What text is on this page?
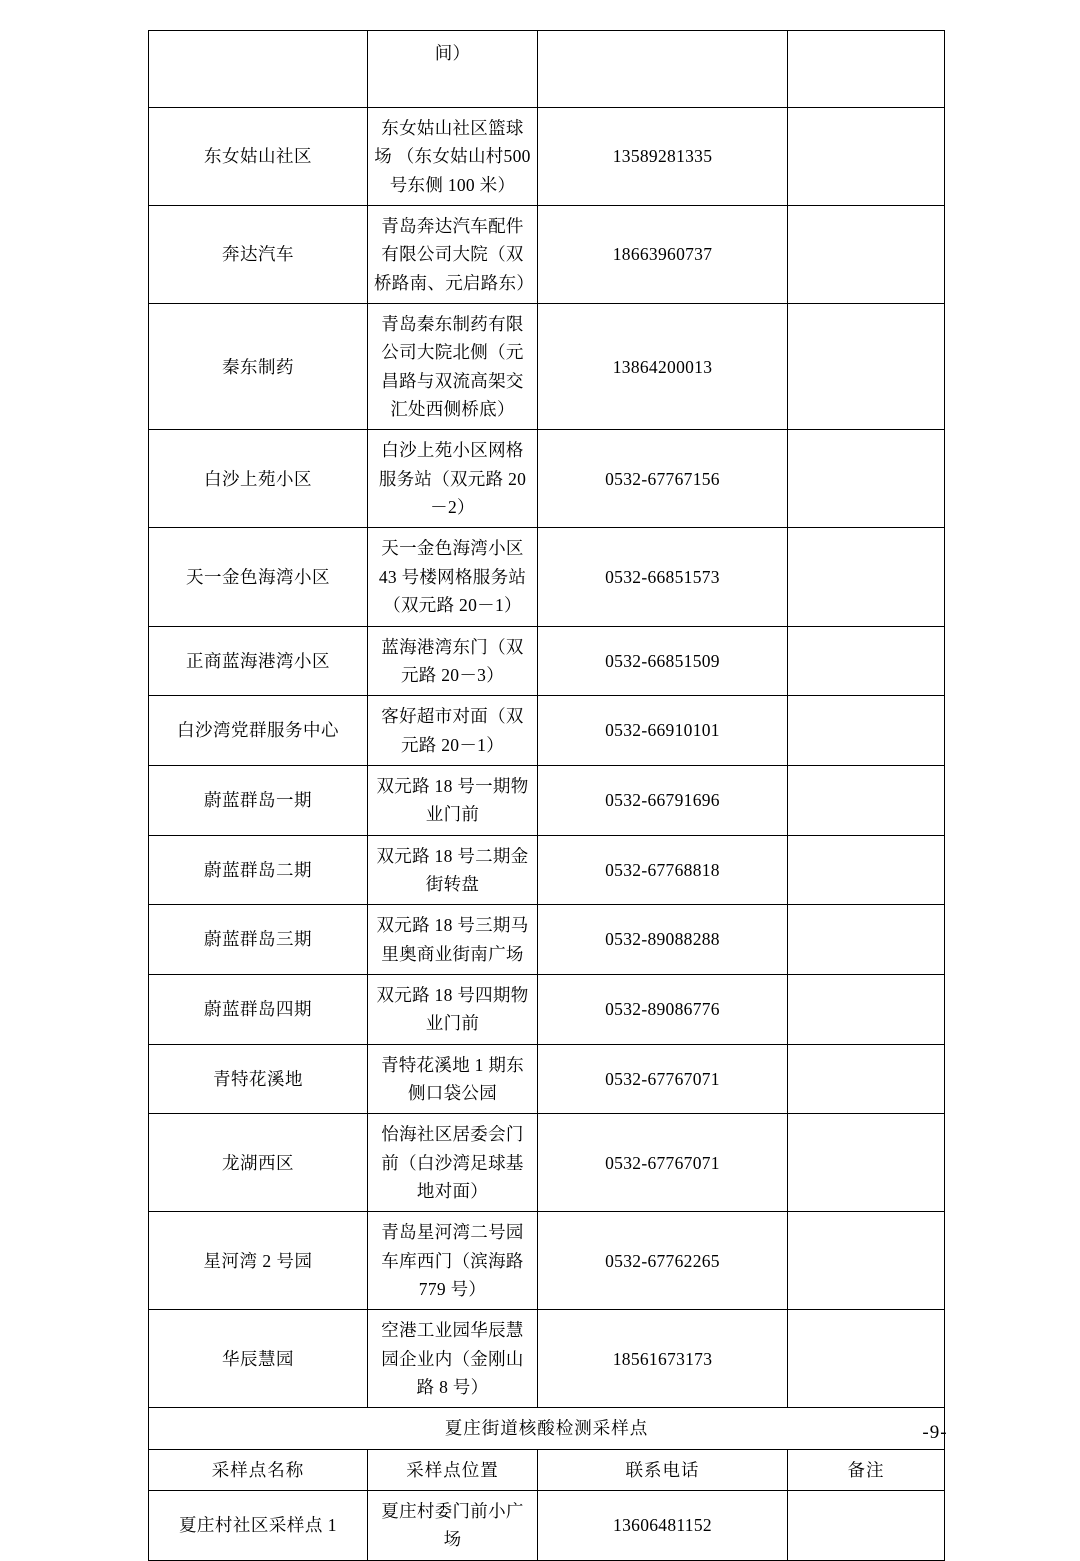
	间）		
东女姑山社区	东女姑山社区篮球场 （东女姑山村500 号东侧 100 米）	13589281335	
奔达汽车	青岛奔达汽车配件有限公司大院（双桥路南、元启路东）	18663960737	
秦东制药	青岛秦东制药有限公司大院北侧（元昌路与双流高架交汇处西侧桥底）	13864200013	
白沙上苑小区	白沙上苑小区网格服务站（双元路 20－2）	0532-67767156	
天一金色海湾小区	天一金色海湾小区43 号楼网格服务站（双元路 20－1）	0532-66851573	
正商蓝海港湾小区	蓝海港湾东门（双元路 20－3）	0532-66851509	
白沙湾党群服务中心	客好超市对面（双元路 20－1）	0532-66910101	
蔚蓝群岛一期	双元路 18 号一期物业门前	0532-66791696	
蔚蓝群岛二期	双元路 18 号二期金街转盘	0532-67768818	
蔚蓝群岛三期	双元路 18 号三期马里奥商业街南广场	0532-89088288	
蔚蓝群岛四期	双元路 18 号四期物业门前	0532-89086776	
青特花溪地	青特花溪地 1 期东侧口袋公园	0532-67767071	
龙湖西区	怡海社区居委会门前（白沙湾足球基地对面）	0532-67767071	
星河湾 2 号园	青岛星河湾二号园车库西门（滨海路779 号）	0532-67762265	
华辰慧园	空港工业园华辰慧园企业内（金刚山路 8 号）	18561673173	
夏庄街道核酸检测采样点			
采样点名称	采样点位置	联系电话	备注
夏庄村社区采样点 1	夏庄村委门前小广场	13606481152	
-9-
